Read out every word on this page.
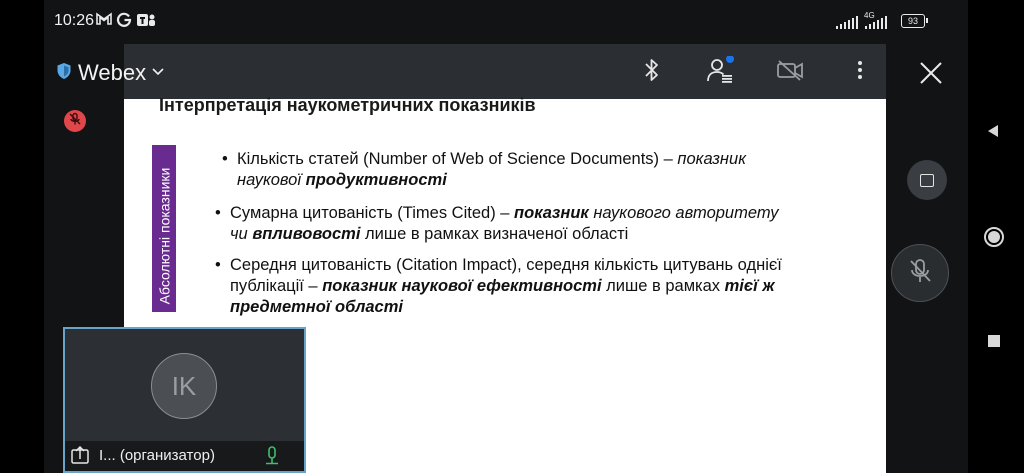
10:26	4G
93
Webex
Інтерпретація наукометричних показників
Абсолютні показники
• Кількість статей (Number of Web of Science Documents) – показник наукової продуктивності
• Сумарна цитованість (Times Cited) – показник наукового авторитету чи впливовості лише в рамках визначеної області
• Середня цитованість (Citation Impact), середня кількість цитувань однієї публікації – показник наукової ефективності лише в рамках тієї ж предметної області
IK
I... (организатор)
